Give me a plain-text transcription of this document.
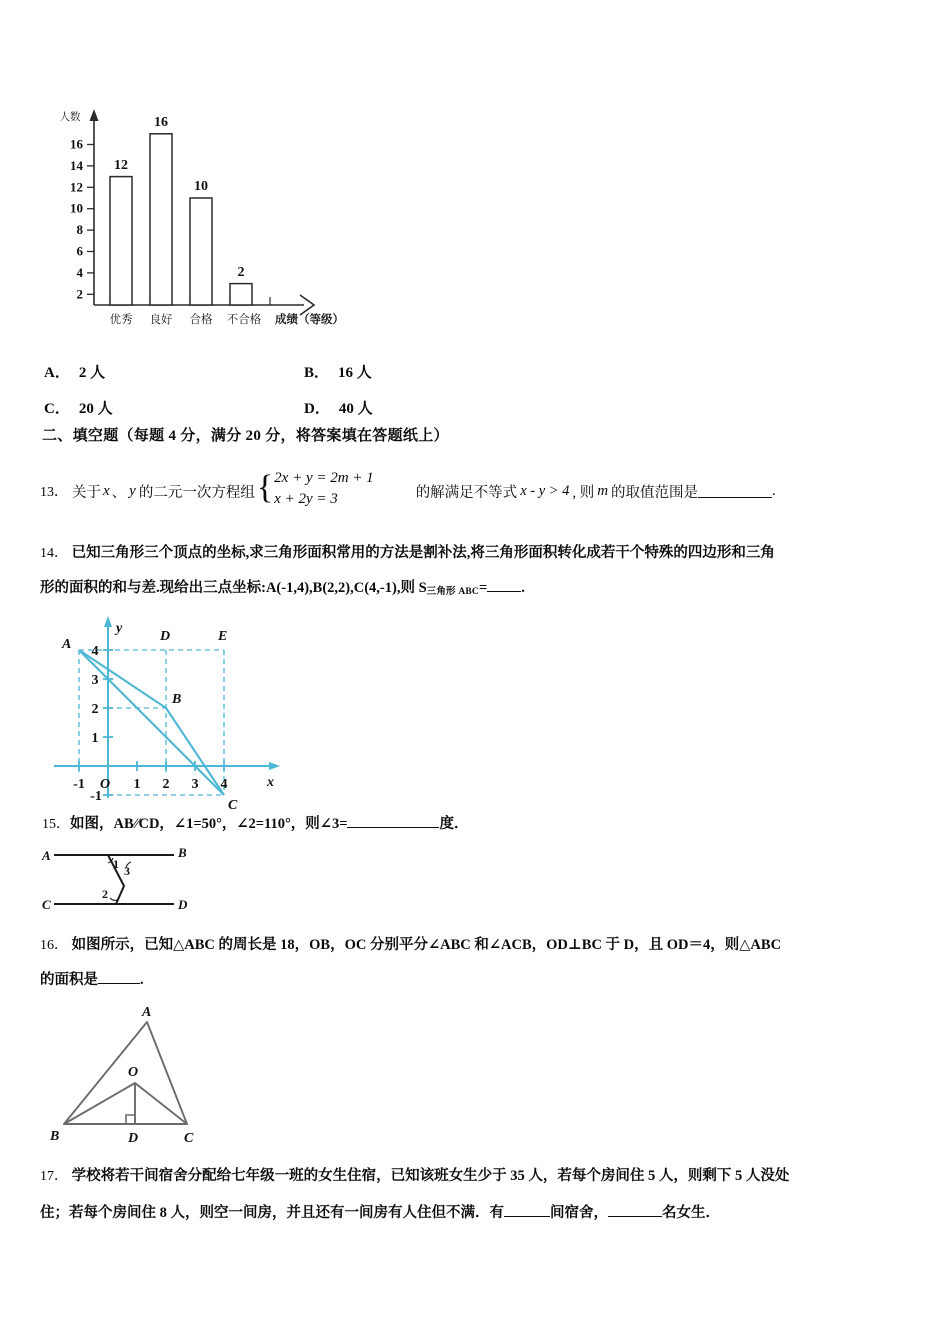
人数
2
4
6
8
10
12
14
16
12
16
10
2
优秀 良好 合格 不合格 成绩（等级）
A． 2 人	B． 16 人
C． 20 人	D． 40 人
二、填空题（每题 4 分，满分 20 分，将答案填在答题纸上）
13． 关于 x 、 y 的二元一次方程组 { 2x + y = 2m + 1
x + 2y = 3	的解满足不等式 x - y > 4 , 则 m 的取值范围是	.
14． 已知三角形三个顶点的坐标,求三角形面积常用的方法是割补法,将三角形面积转化成若干个特殊的四边形和三角
形的面积的和与差.现给出三点坐标:A(-1,4),B(2,2),C(4,-1),则 S三角形 ABC= .
A
B
C
D	E
-1	1 2 3 4
1
2
3
4
-1
O	x
y
15．如图，AB∕∕CD，∠1=50°，∠2=110°，则∠3=	度．
A	B
C	D
1 3
2
16． 如图所示，已知△ABC 的周长是 18，OB，OC 分别平分∠ABC 和∠ACB，OD⊥BC 于 D，且 OD＝4，则△ABC
的面积是	.
A
O
B	D	C
17． 学校将若干间宿舍分配给七年级一班的女生住宿，已知该班女生少于 35 人，若每个房间住 5 人，则剩下 5 人没处
住；若每个房间住 8 人，则空一间房，并且还有一间房有人住但不满．有	间宿舍，	名女生．
